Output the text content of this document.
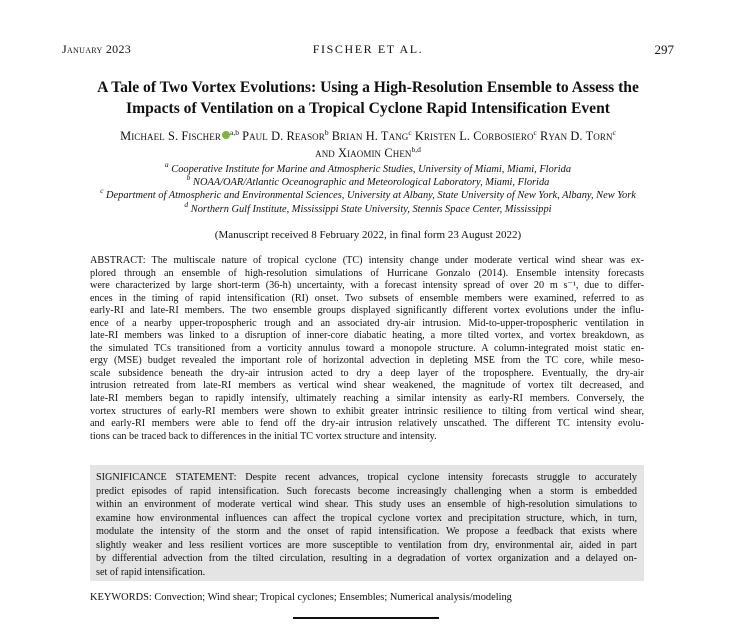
January 2023	FISCHER ET AL.	297
A Tale of Two Vortex Evolutions: Using a High-Resolution Ensemble to Assess the
Impacts of Ventilation on a Tropical Cyclone Rapid Intensification Event
Michael S. Fischer $^{a,b}$ Paul D. Reasor$^b$ Brian H. Tang$^c$ Kristen L. Corbosiero$^c$ Ryan D. Torn$^c$
and Xiaomin Chen$^{b,d}$
$^a$ Cooperative Institute for Marine and Atmospheric Studies, University of Miami, Miami, Florida
$^b$ NOAA/OAR/Atlantic Oceanographic and Meteorological Laboratory, Miami, Florida
$^c$ Department of Atmospheric and Environmental Sciences, University at Albany, State University of New York, Albany, New York
$^d$ Northern Gulf Institute, Mississippi State University, Stennis Space Center, Mississippi
(Manuscript received 8 February 2022, in final form 23 August 2022)
ABSTRACT: The multiscale nature of tropical cyclone (TC) intensity change under moderate vertical wind shear was ex-
plored through an ensemble of high-resolution simulations of Hurricane Gonzalo (2014). Ensemble intensity forecasts
were characterized by large short-term (36-h) uncertainty, with a forecast intensity spread of over 20 m s⁻¹, due to differ-
ences in the timing of rapid intensification (RI) onset. Two subsets of ensemble members were examined, referred to as
early-RI and late-RI members. The two ensemble groups displayed significantly different vortex evolutions under the influ-
ence of a nearby upper-tropospheric trough and an associated dry-air intrusion. Mid-to-upper-tropospheric ventilation in
late-RI members was linked to a disruption of inner-core diabatic heating, a more tilted vortex, and vortex breakdown, as
the simulated TCs transitioned from a vorticity annulus toward a monopole structure. A column-integrated moist static en-
ergy (MSE) budget revealed the important role of horizontal advection in depleting MSE from the TC core, while meso-
scale subsidence beneath the dry-air intrusion acted to dry a deep layer of the troposphere. Eventually, the dry-air
intrusion retreated from late-RI members as vertical wind shear weakened, the magnitude of vortex tilt decreased, and
late-RI members began to rapidly intensify, ultimately reaching a similar intensity as early-RI members. Conversely, the
vortex structures of early-RI members were shown to exhibit greater intrinsic resilience to tilting from vertical wind shear,
and early-RI members were able to fend off the dry-air intrusion relatively unscathed. The different TC intensity evolu-
tions can be traced back to differences in the initial TC vortex structure and intensity.
SIGNIFICANCE STATEMENT: Despite recent advances, tropical cyclone intensity forecasts struggle to accurately
predict episodes of rapid intensification. Such forecasts become increasingly challenging when a storm is embedded
within an environment of moderate vertical wind shear. This study uses an ensemble of high-resolution simulations to
examine how environmental influences can affect the tropical cyclone vortex and precipitation structure, which, in turn,
modulate the intensity of the storm and the onset of rapid intensification. We propose a feedback that exists where
slightly weaker and less resilient vortices are more susceptible to ventilation from dry, environmental air, aided in part
by differential advection from the tilted circulation, resulting in a degradation of vortex organization and a delayed on-
set of rapid intensification.
KEYWORDS: Convection; Wind shear; Tropical cyclones; Ensembles; Numerical analysis/modeling
